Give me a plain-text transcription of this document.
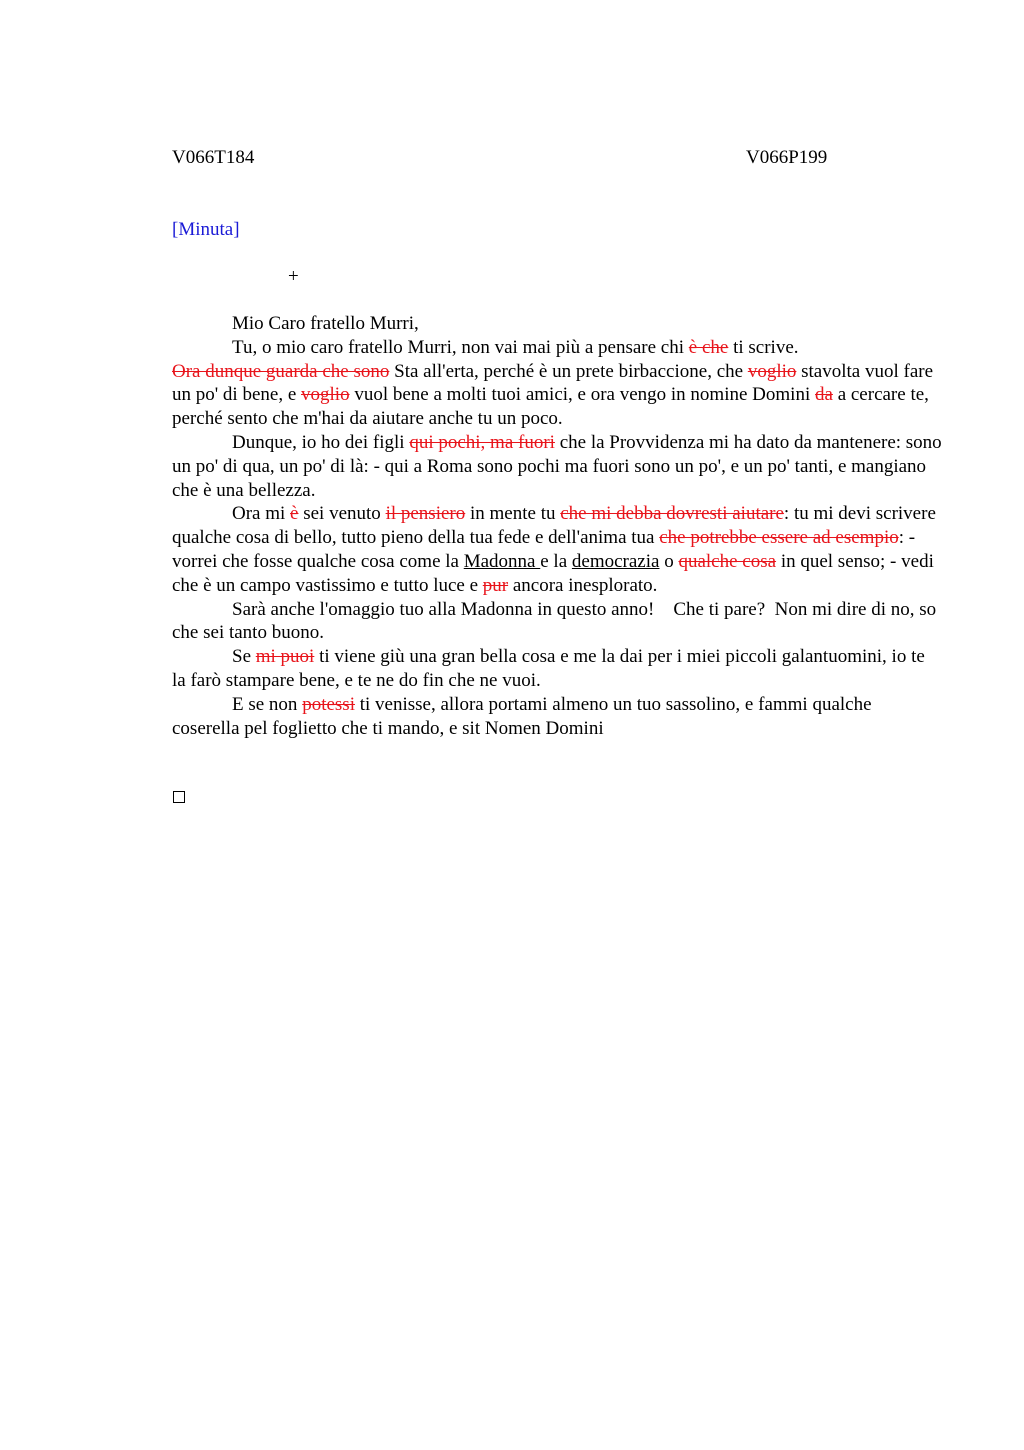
V066T184	V066P199
[Minuta]
+

Mio Caro fratello Murri,

Tu, o mio caro fratello Murri, non vai mai più a pensare chi è che ti scrive.
Ora dunque guarda che sono Sta all'erta, perché è un prete birbaccione, che voglio stavolta vuol fare un po' di bene, e voglio vuol bene a molti tuoi amici, e ora vengo in nomine Domini da a cercare te, perché sento che m'hai da aiutare anche tu un poco.

Dunque, io ho dei figli qui pochi, ma fuori che la Provvidenza mi ha dato da mantenere: sono un po' di qua, un po' di là: - qui a Roma sono pochi ma fuori sono un po', e un po' tanti, e mangiano che è una bellezza.

Ora mi è sei venuto il pensiero in mente tu che mi debba dovresti aiutare: tu mi devi scrivere qualche cosa di bello, tutto pieno della tua fede e dell'anima tua che potrebbe essere ad esempio: - vorrei che fosse qualche cosa come la Madonna e la democrazia o qualche cosa in quel senso; - vedi che è un campo vastissimo e tutto luce e pur ancora inesplorato.

Sarà anche l'omaggio tuo alla Madonna in questo anno!    Che ti pare?  Non mi dire di no, so che sei tanto buono.

Se mi puoi ti viene giù una gran bella cosa e me la dai per i miei piccoli galantuomini, io te la farò stampare bene, e te ne do fin che ne vuoi.

E se non potessi ti venisse, allora portami almeno un tuo sassolino, e fammi qualche coserella pel foglietto che ti mando, e sit Nomen Domini
